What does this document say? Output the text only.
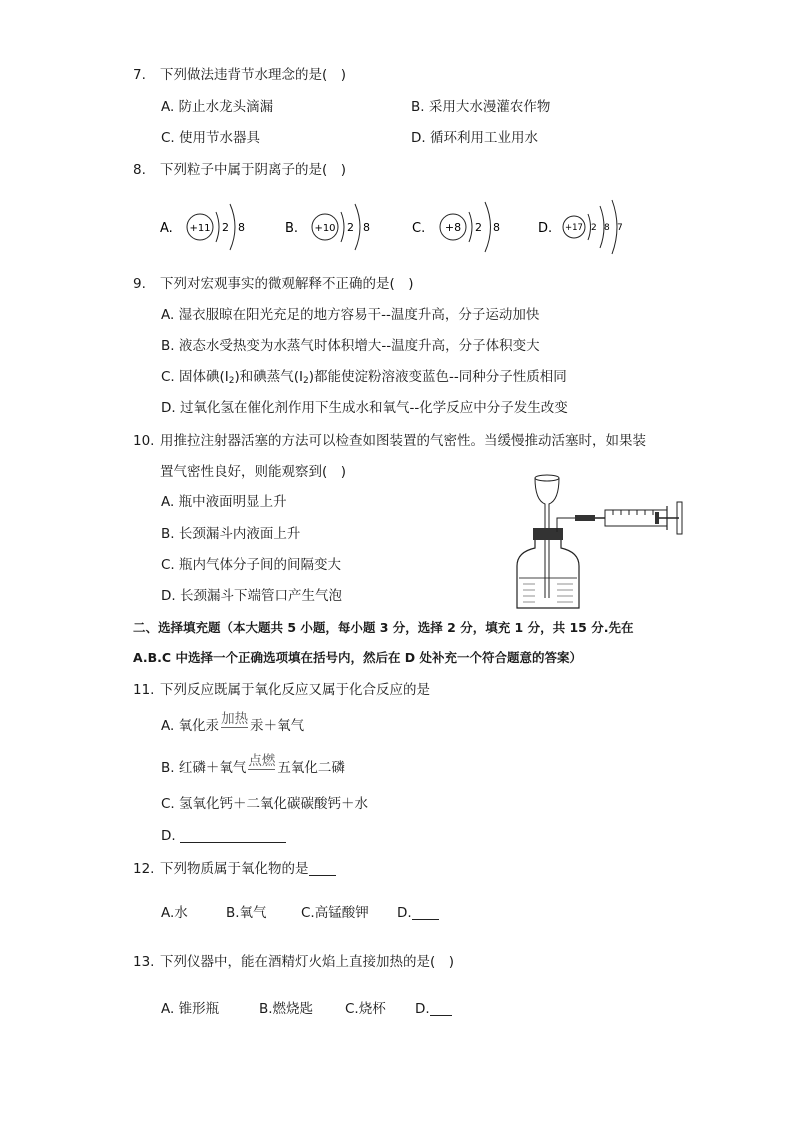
7. 下列做法违背节水理念的是(　)
A. 防止水龙头滴漏	B. 采用大水漫灌农作物
C. 使用节水器具	D. 循环利用工业用水
8. 下列粒子中属于阴离子的是(　)
A. +11 2 8	B. +10 2 8	C. +8 2 8	D. +17 2 8 7
9. 下列对宏观事实的微观解释不正确的是(　)
A. 湿衣服晾在阳光充足的地方容易干--温度升高，分子运动加快
B. 液态水受热变为水蒸气时体积增大--温度升高，分子体积变大
C. 固体碘$(I_2)$和碘蒸气$(I_2)$都能使淀粉溶液变蓝色--同种分子性质相同
D. 过氧化氢在催化剂作用下生成水和氧气--化学反应中分子发生改变
10. 用推拉注射器活塞的方法可以检查如图装置的气密性。当缓慢推动活塞时，如果装
置气密性良好，则能观察到(　)
A. 瓶中液面明显上升
B. 长颈漏斗内液面上升
C. 瓶内气体分子间的间隔变大
D. 长颈漏斗下端管口产生气泡
二、选择填充题（本大题共 5 小题，每小题 3 分，选择 2 分，填充 1 分，共 15 分.先在
A.B.C 中选择一个正确选项填在括号内，然后在 D 处补充一个符合题意的答案）
11. 下列反应既属于氧化反应又属于化合反应的是
A. 氧化汞 加热 汞＋氧气
B. 红磷＋氧气 点燃 五氧化二磷
C. 氢氧化钙＋二氧化碳碳酸钙＋水
D.
12. 下列物质属于氧化物的是
A.水	B.氧气	C.高锰酸钾 D.
13. 下列仪器中，能在酒精灯火焰上直接加热的是(　)
A. 锥形瓶	B.燃烧匙 C.烧杯 D.
